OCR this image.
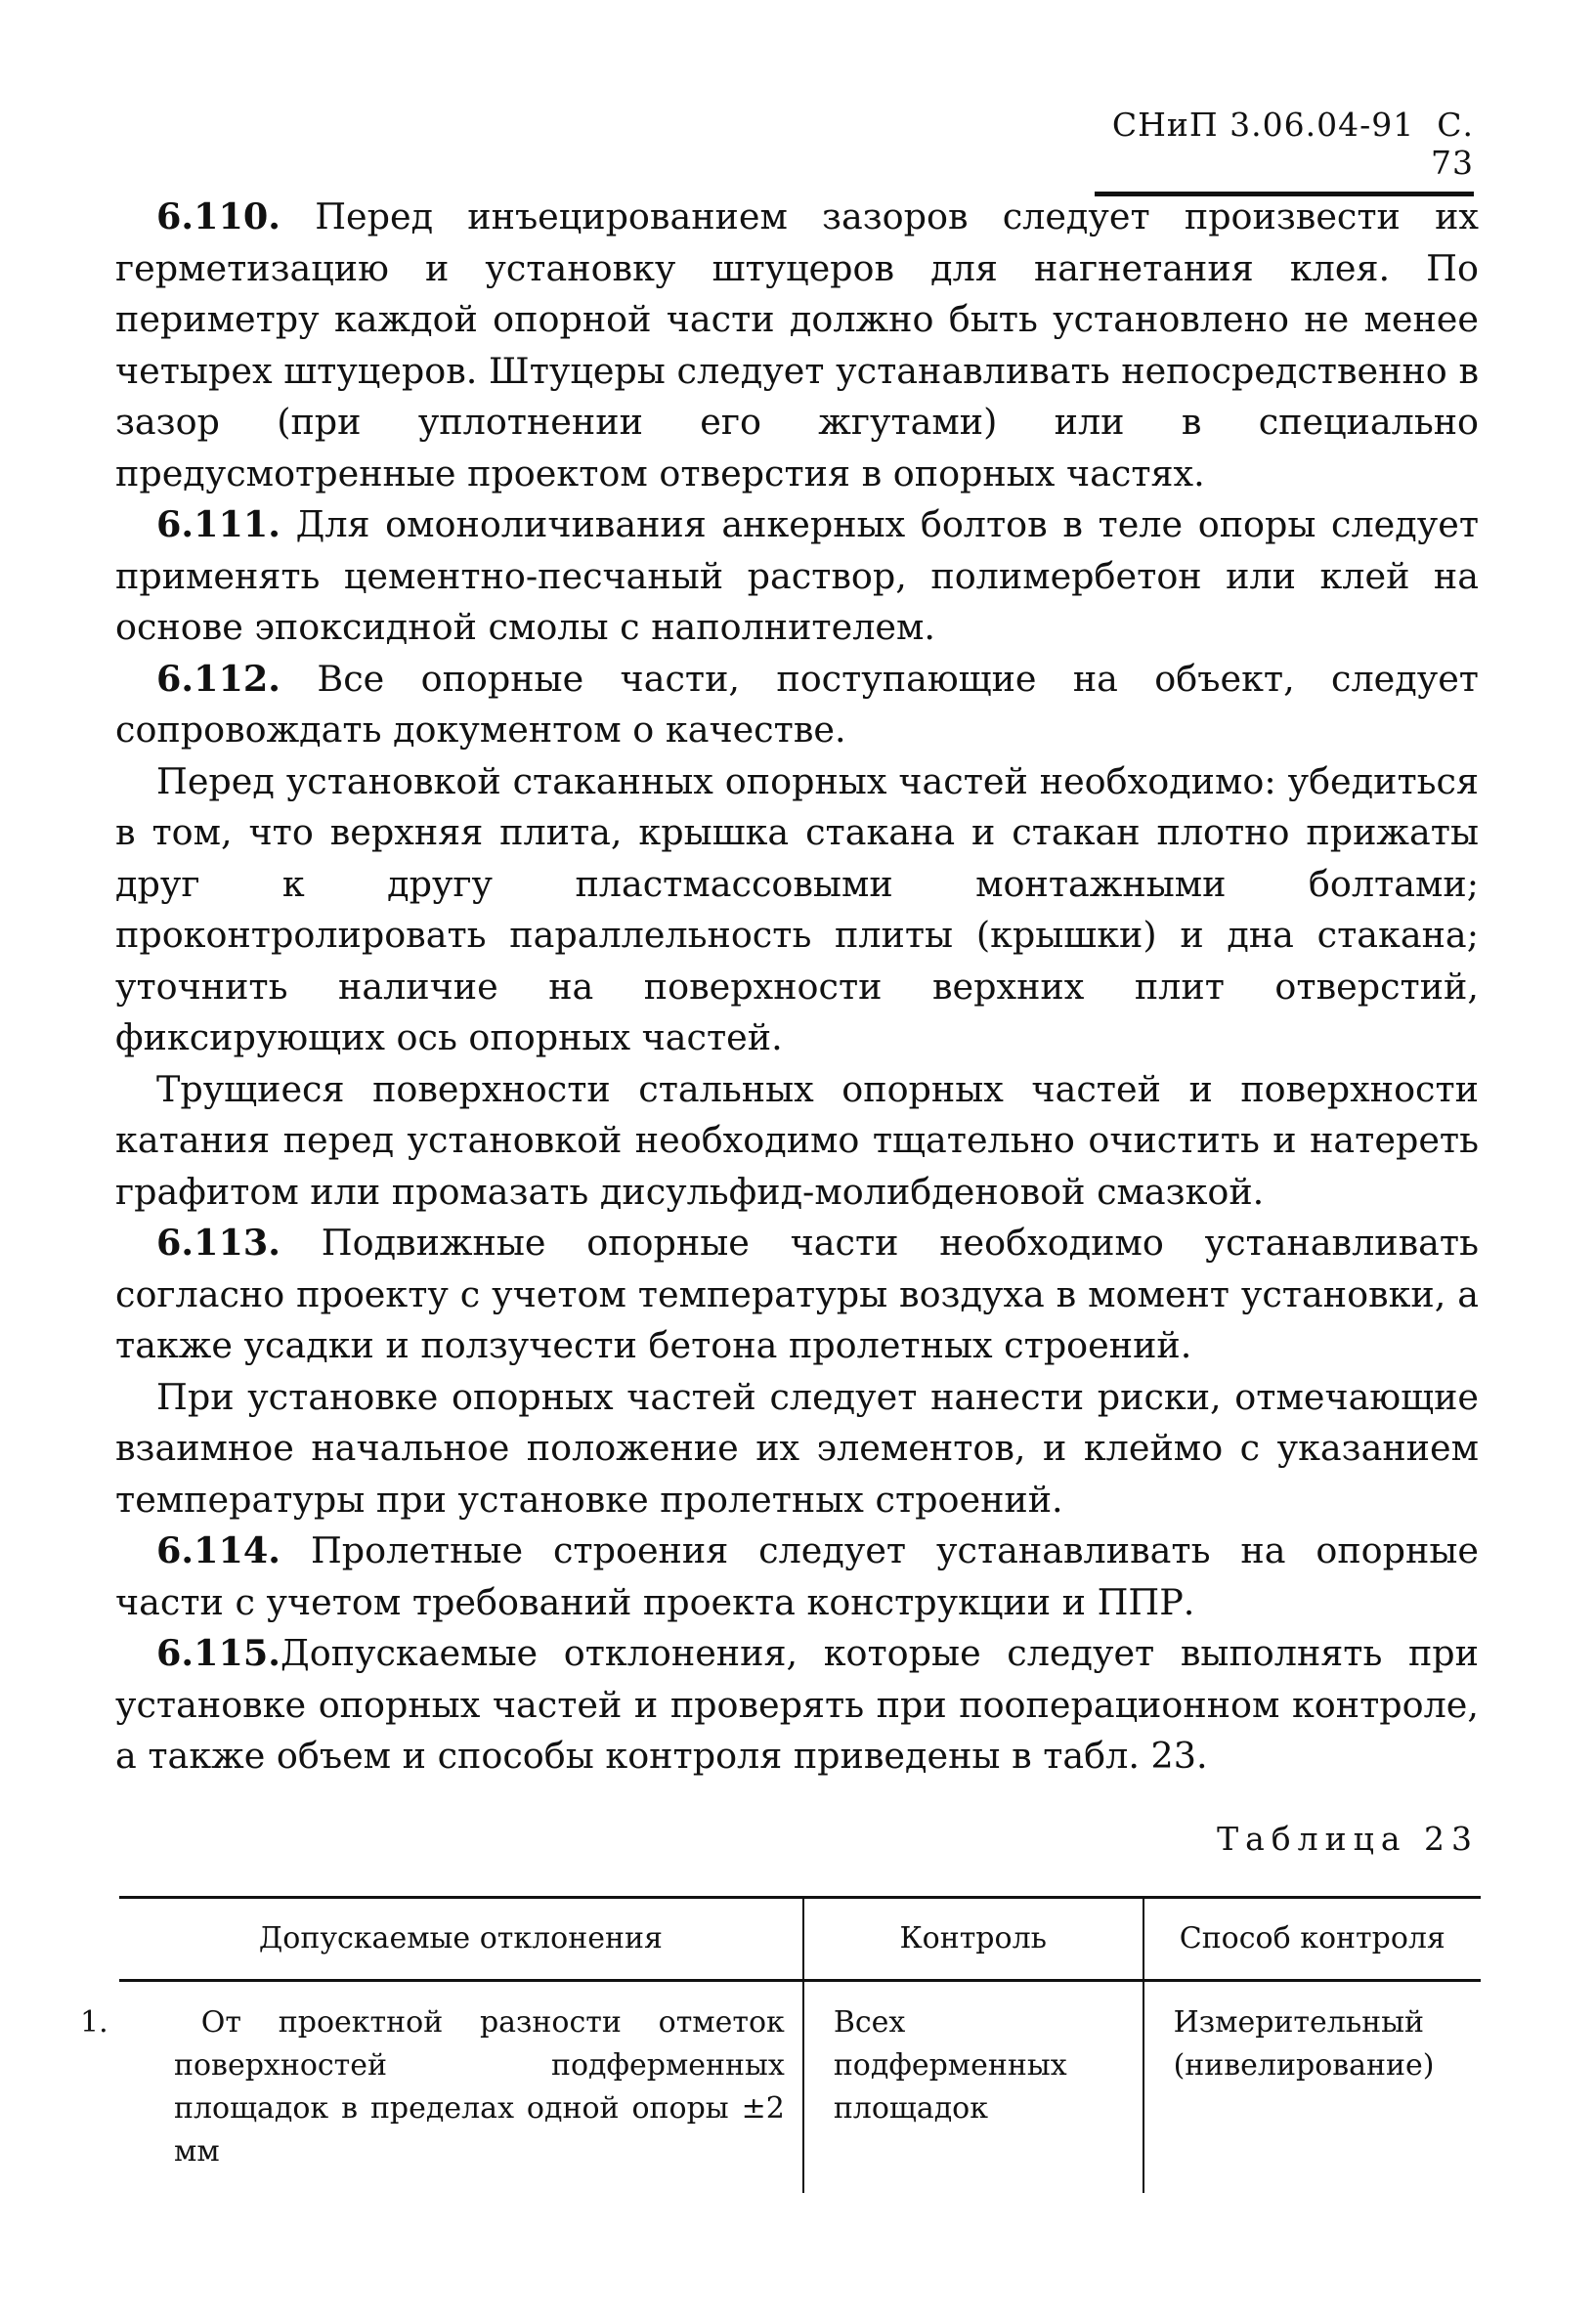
СНиП 3.06.04-91 С. 73

6.110. Перед инъецированием зазоров следует произвести их герметизацию и установку штуцеров для нагнетания клея. По периметру каждой опорной части должно быть установлено не менее четырех штуцеров. Штуцеры следует устанавливать непосредственно в зазор (при уплотнении его жгутами) или в специально предусмотренные проектом отверстия в опорных частях.

6.111. Для омоноличивания анкерных болтов в теле опоры следует применять цементно-песчаный раствор, полимербетон или клей на основе эпоксидной смолы с наполнителем.

6.112. Все опорные части, поступающие на объект, следует сопровождать документом о качестве.

Перед установкой стаканных опорных частей необходимо: убедиться в том, что верхняя плита, крышка стакана и стакан плотно прижаты друг к другу пластмассовыми монтажными болтами; проконтролировать параллельность плиты (крышки) и дна стакана; уточнить наличие на поверхности верхних плит отверстий, фиксирующих ось опорных частей.

Трущиеся поверхности стальных опорных частей и поверхности катания перед установкой необходимо тщательно очистить и натереть графитом или промазать дисульфид-молибденовой смазкой.

6.113. Подвижные опорные части необходимо устанавливать согласно проекту с учетом температуры воздуха в момент установки, а также усадки и ползучести бетона пролетных строений.

При установке опорных частей следует нанести риски, отмечающие взаимное начальное положение их элементов, и клеймо с указанием температуры при установке пролетных строений.

6.114. Пролетные строения следует устанавливать на опорные части с учетом требований проекта конструкции и ППР.

6.115.Допускаемые отклонения, которые следует выполнять при установке опорных частей и проверять при пооперационном контроле, а также объем и способы контроля приведены в табл. 23.

Таблица 23
Допускаемые отклонения	Контроль	Способ контроля

1. От проектной разности отметок поверхностей подферменных площадок в пределах одной опоры ±2 мм	Всех подферменных площадок	Измерительный (нивелирование)
